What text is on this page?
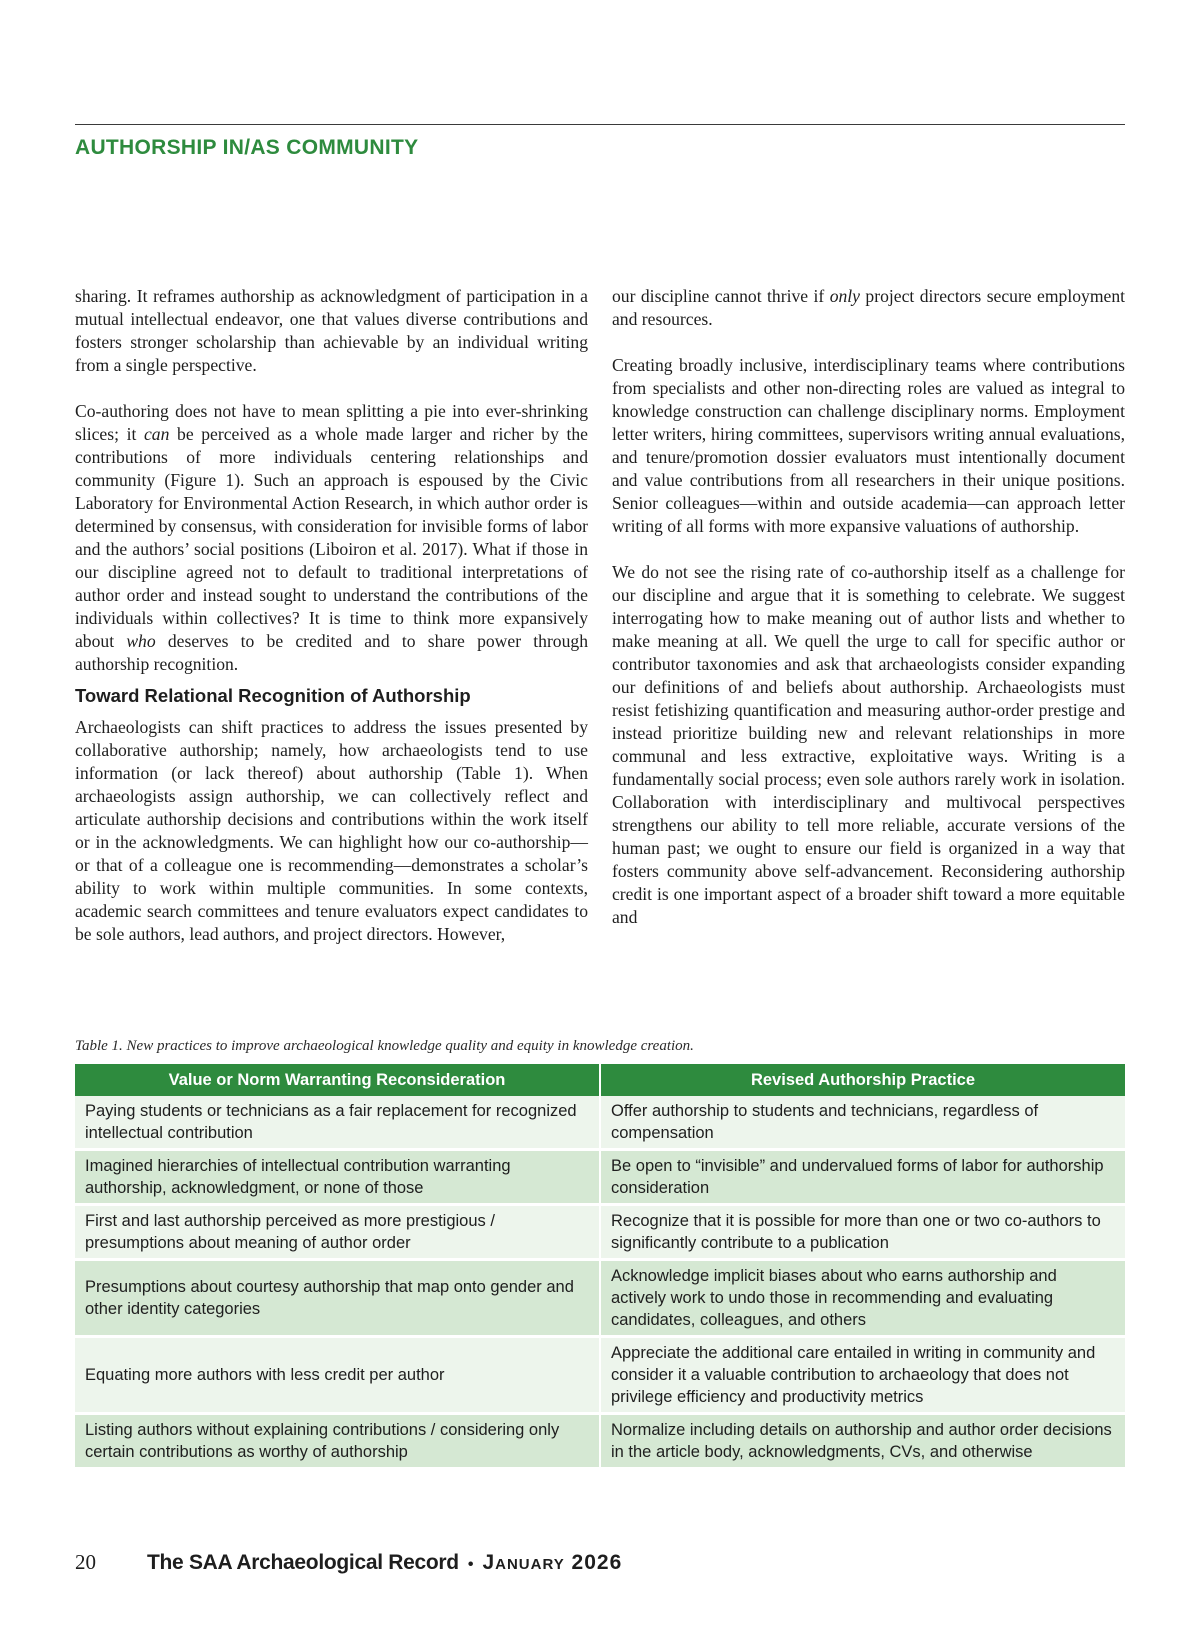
AUTHORSHIP IN/AS COMMUNITY

sharing. It reframes authorship as acknowledgment of participation in a mutual intellectual endeavor, one that values diverse contributions and fosters stronger scholarship than achievable by an individual writing from a single perspective.

Co-authoring does not have to mean splitting a pie into ever-shrinking slices; it can be perceived as a whole made larger and richer by the contributions of more individuals centering relationships and community (Figure 1). Such an approach is espoused by the Civic Laboratory for Environmental Action Research, in which author order is determined by consensus, with consideration for invisible forms of labor and the authors’ social positions (Liboiron et al. 2017). What if those in our discipline agreed not to default to traditional interpretations of author order and instead sought to understand the contributions of the individuals within collectives? It is time to think more expansively about who deserves to be credited and to share power through authorship recognition.

Toward Relational Recognition of Authorship

Archaeologists can shift practices to address the issues presented by collaborative authorship; namely, how archaeologists tend to use information (or lack thereof) about authorship (Table 1). When archaeologists assign authorship, we can collectively reflect and articulate authorship decisions and contributions within the work itself or in the acknowledgments. We can highlight how our co-authorship—or that of a colleague one is recommending—demonstrates a scholar’s ability to work within multiple communities. In some contexts, academic search committees and tenure evaluators expect candidates to be sole authors, lead authors, and project directors. However,

our discipline cannot thrive if only project directors secure employment and resources.

Creating broadly inclusive, interdisciplinary teams where contributions from specialists and other non-directing roles are valued as integral to knowledge construction can challenge disciplinary norms. Employment letter writers, hiring committees, supervisors writing annual evaluations, and tenure/promotion dossier evaluators must intentionally document and value contributions from all researchers in their unique positions. Senior colleagues—within and outside academia—can approach letter writing of all forms with more expansive valuations of authorship.

We do not see the rising rate of co-authorship itself as a challenge for our discipline and argue that it is something to celebrate. We suggest interrogating how to make meaning out of author lists and whether to make meaning at all. We quell the urge to call for specific author or contributor taxonomies and ask that archaeologists consider expanding our definitions of and beliefs about authorship. Archaeologists must resist fetishizing quantification and measuring author-order prestige and instead prioritize building new and relevant relationships in more communal and less extractive, exploitative ways. Writing is a fundamentally social process; even sole authors rarely work in isolation. Collaboration with interdisciplinary and multivocal perspectives strengthens our ability to tell more reliable, accurate versions of the human past; we ought to ensure our field is organized in a way that fosters community above self-advancement. Reconsidering authorship credit is one important aspect of a broader shift toward a more equitable and

Table 1. New practices to improve archaeological knowledge quality and equity in knowledge creation.

Value or Norm Warranting Reconsideration	Revised Authorship Practice
Paying students or technicians as a fair replacement for recognized intellectual contribution	Offer authorship to students and technicians, regardless of compensation
Imagined hierarchies of intellectual contribution warranting authorship, acknowledgment, or none of those	Be open to “invisible” and undervalued forms of labor for authorship consideration
First and last authorship perceived as more prestigious / presumptions about meaning of author order	Recognize that it is possible for more than one or two co-authors to significantly contribute to a publication
Presumptions about courtesy authorship that map onto gender and other identity categories	Acknowledge implicit biases about who earns authorship and actively work to undo those in recommending and evaluating candidates, colleagues, and others
Equating more authors with less credit per author	Appreciate the additional care entailed in writing in community and consider it a valuable contribution to archaeology that does not privilege efficiency and productivity metrics
Listing authors without explaining contributions / considering only certain contributions as worthy of authorship	Normalize including details on authorship and author order decisions in the article body, acknowledgments, CVs, and otherwise
20	The SAA Archaeological Record • January 2026
